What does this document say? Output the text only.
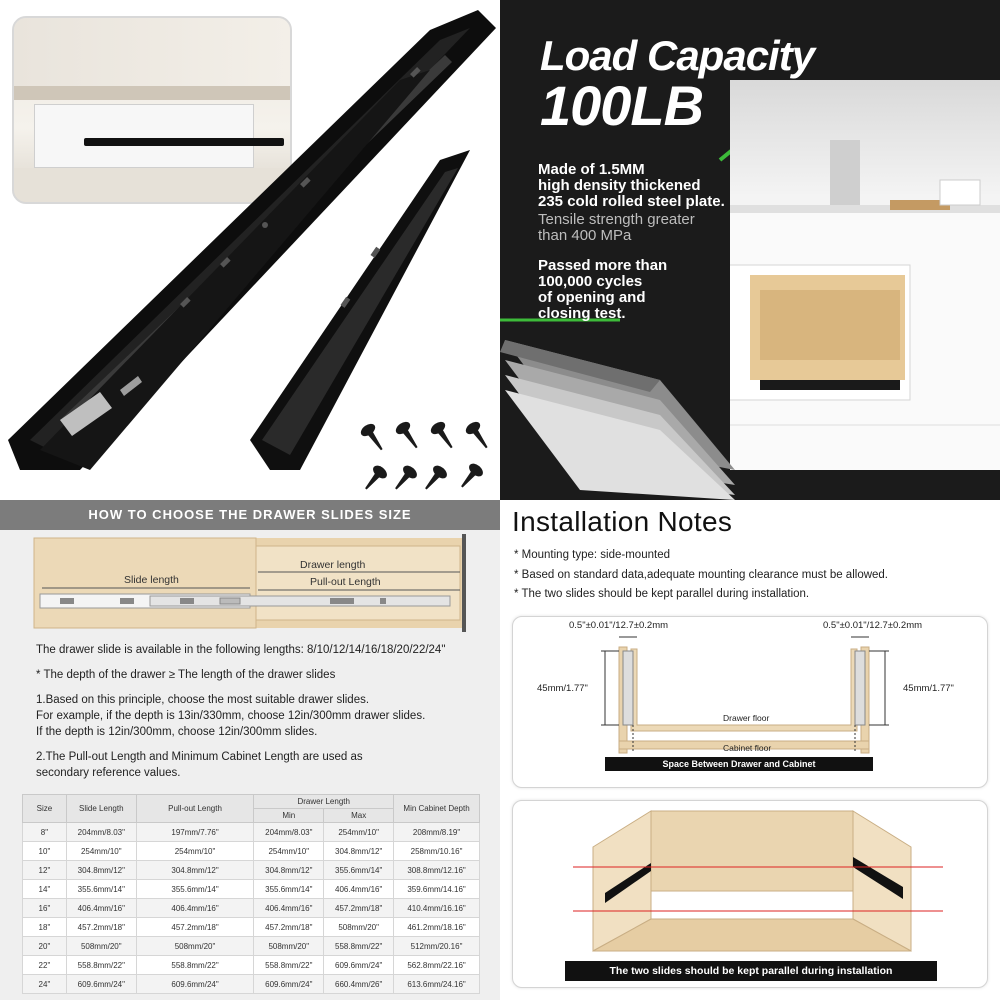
Load Capacity
100LB
Made of 1.5MM
high density thickened
235 cold rolled steel plate.
Tensile strength greater
than 400 MPa
Passed more than
100,000 cycles
of opening and
closing test.
HOW TO CHOOSE THE DRAWER SLIDES SIZE
Drawer length
Slide length	Pull-out Length

The drawer slide is available in the following lengths: 8/10/12/14/16/18/20/22/24"

* The depth of the drawer ≥ The length of the drawer slides

1.Based on this principle, choose the most suitable drawer slides.
For example, if the depth is 13in/330mm, choose 12in/300mm drawer slides.
If the depth is 12in/300mm, choose 12in/300mm slides.

2.The Pull-out Length and Minimum Cabinet Length are used as
secondary reference values.

Size	Slide Length	Pull-out Length	Drawer Length		Min Cabinet Depth
			Min	Max	
8"	204mm/8.03"	197mm/7.76"	204mm/8.03"	254mm/10"	208mm/8.19"
10"	254mm/10"	254mm/10"	254mm/10"	304.8mm/12"	258mm/10.16"
12"	304.8mm/12"	304.8mm/12"	304.8mm/12"	355.6mm/14"	308.8mm/12.16"
14"	355.6mm/14"	355.6mm/14"	355.6mm/14"	406.4mm/16"	359.6mm/14.16"
16"	406.4mm/16"	406.4mm/16"	406.4mm/16"	457.2mm/18"	410.4mm/16.16"
18"	457.2mm/18"	457.2mm/18"	457.2mm/18"	508mm/20"	461.2mm/18.16"
20"	508mm/20"	508mm/20"	508mm/20"	558.8mm/22"	512mm/20.16"
22"	558.8mm/22"	558.8mm/22"	558.8mm/22"	609.6mm/24"	562.8mm/22.16"
24"	609.6mm/24"	609.6mm/24"	609.6mm/24"	660.4mm/26"	613.6mm/24.16"
Installation Notes
* Mounting type: side-mounted
* Based on standard data,adequate mounting clearance must be allowed.
* The two slides should be kept parallel during installation.
0.5"±0.01"/12.7±0.2mm	0.5"±0.01"/12.7±0.2mm
45mm/1.77"	45mm/1.77"
Drawer floor
Cabinet floor
Space Between Drawer and Cabinet
The two slides should be kept parallel during installation
